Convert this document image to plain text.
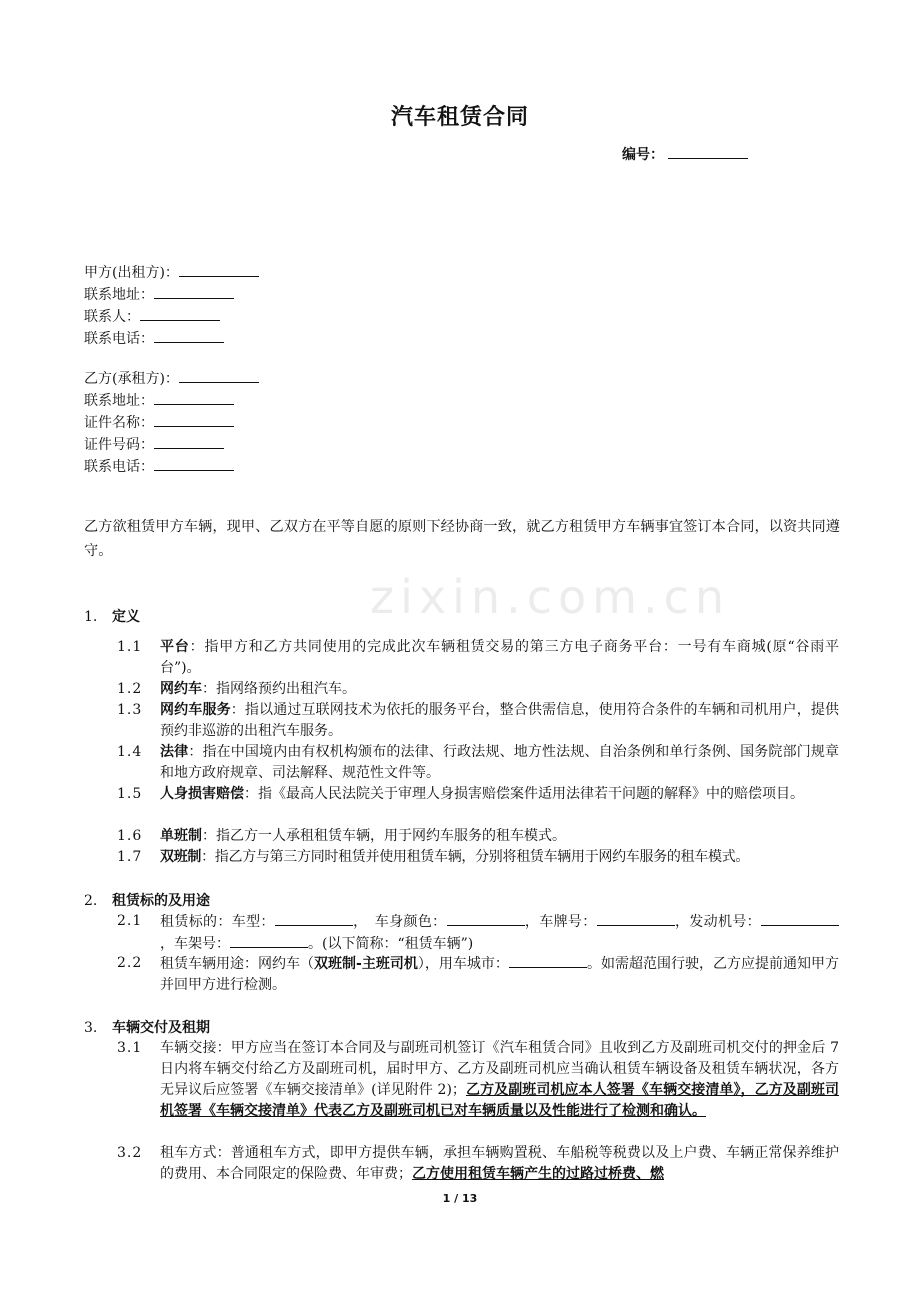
zixin.com.cn
汽车租赁合同
编号：
甲方(出租方)：
联系地址：
联系人：
联系电话：
乙方(承租方)：
联系地址：
证件名称：
证件号码：
联系电话：
乙方欲租赁甲方车辆，现甲、乙双方在平等自愿的原则下经协商一致，就乙方租赁甲方车辆事宜签订本合同，以资共同遵守。
1. 定义
1.1	平台：指甲方和乙方共同使用的完成此次车辆租赁交易的第三方电子商务平台：一号有车商城(原“谷雨平台”)。
1.2	网约车：指网络预约出租汽车。
1.3	网约车服务：指以通过互联网技术为依托的服务平台，整合供需信息，使用符合条件的车辆和司机用户，提供预约非巡游的出租汽车服务。
1.4	法律：指在中国境内由有权机构颁布的法律、行政法规、地方性法规、自治条例和单行条例、国务院部门规章和地方政府规章、司法解释、规范性文件等。
1.5	人身损害赔偿：指《最高人民法院关于审理人身损害赔偿案件适用法律若干问题的解释》中的赔偿项目。
1.6	单班制：指乙方一人承租租赁车辆，用于网约车服务的租车模式。
1.7	双班制：指乙方与第三方同时租赁并使用租赁车辆，分别将租赁车辆用于网约车服务的租车模式。
2. 租赁标的及用途
2.1	租赁标的：车型：	，　车身颜色：	，车牌号：	，发动机号：，车架号：	。(以下简称：“租赁车辆”)
2.2	租赁车辆用途：网约车（双班制-主班司机），用车城市：	。如需超范围行驶，乙方应提前通知甲方并回甲方进行检测。
3. 车辆交付及租期
3.1	车辆交接：甲方应当在签订本合同及与副班司机签订《汽车租赁合同》且收到乙方及副班司机交付的押金后 7 日内将车辆交付给乙方及副班司机，届时甲方、乙方及副班司机应当确认租赁车辆设备及租赁车辆状况，各方无异议后应签署《车辆交接清单》(详见附件 2)；乙方及副班司机应本人签署《车辆交接清单》，乙方及副班司机签署《车辆交接清单》代表乙方及副班司机已对车辆质量以及性能进行了检测和确认。
3.2	租车方式：普通租车方式，即甲方提供车辆，承担车辆购置税、车船税等税费以及上户费、车辆正常保养维护的费用、本合同限定的保险费、年审费；乙方使用租赁车辆产生的过路过桥费、燃
1 / 13
